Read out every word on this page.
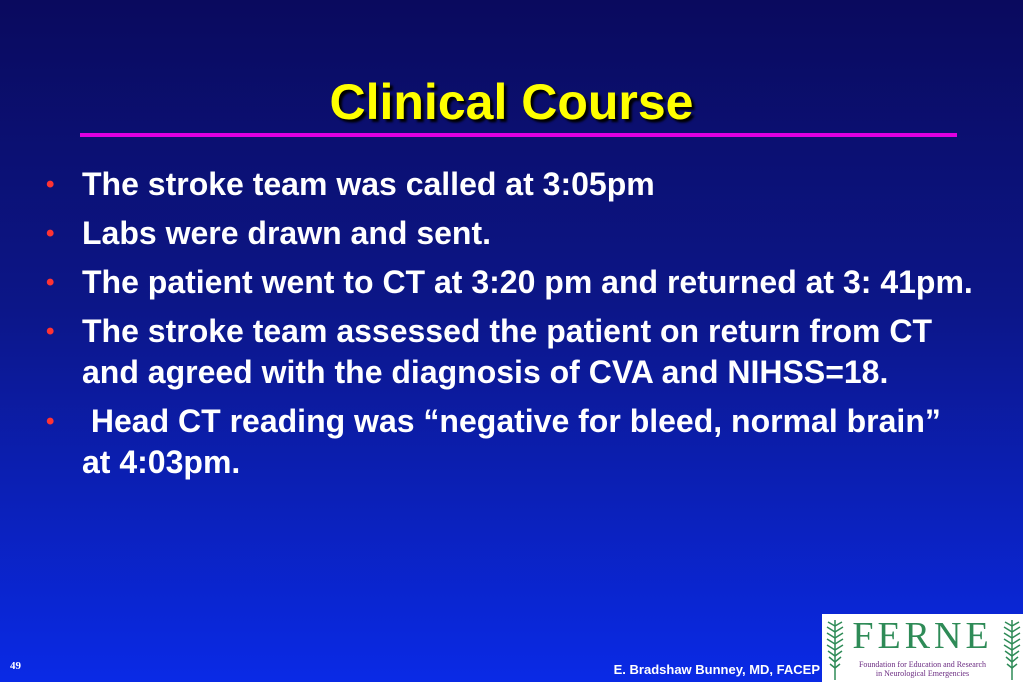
Clinical Course
• The stroke team was called at 3:05pm
• Labs were drawn and sent.
• The patient went to CT at 3:20 pm and returned at 3: 41pm.
• The stroke team assessed the patient on return from CT and agreed with the diagnosis of CVA and NIHSS=18.
• Head CT reading was “negative for bleed, normal brain” at 4:03pm.
49	E. Bradshaw Bunney, MD, FACEP
FERNE
Foundation for Education and Research
in Neurological Emergencies
